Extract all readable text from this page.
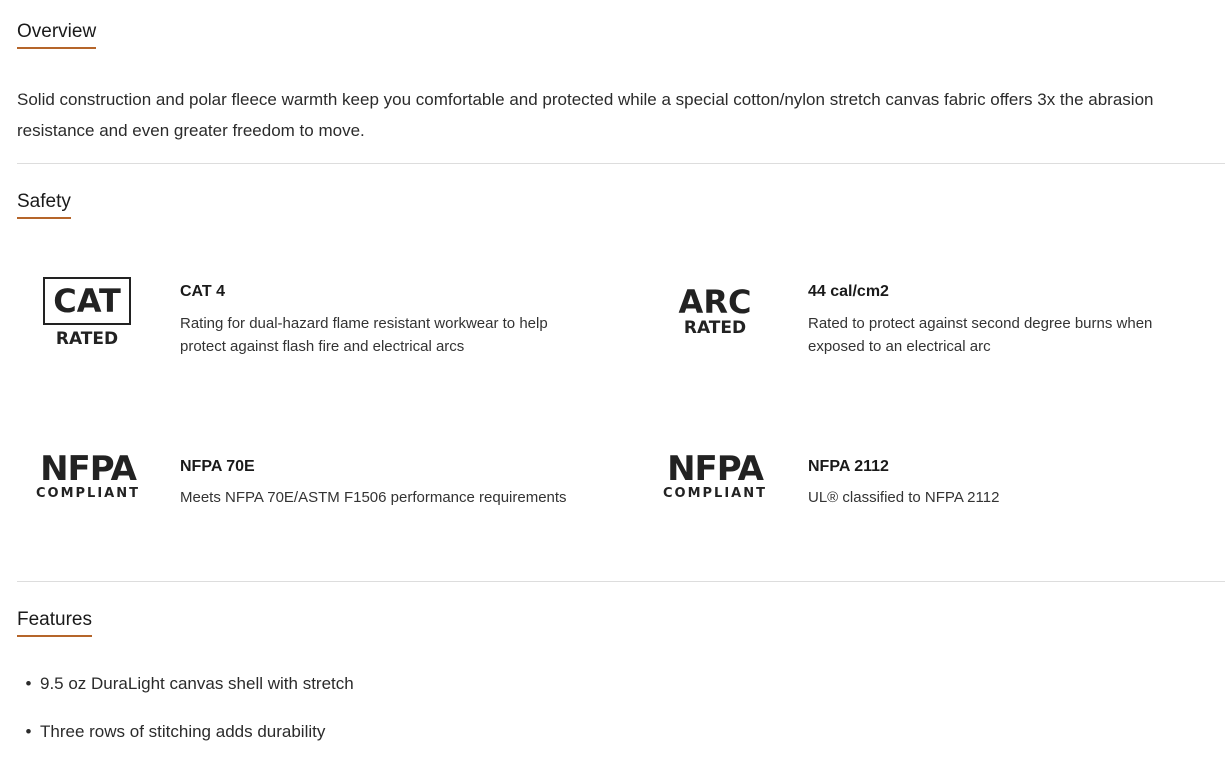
Overview

Solid construction and polar fleece warmth keep you comfortable and protected while a special cotton/nylon stretch canvas fabric offers 3x the abrasion resistance and even greater freedom to move.

Safety
CAT
RATED
CAT 4
Rating for dual-hazard flame resistant workwear to help protect against flash fire and electrical arcs
ARC
RATED
44 cal/cm2
Rated to protect against second degree burns when exposed to an electrical arc
NFPA
COMPLIANT
NFPA 70E
Meets NFPA 70E/ASTM F1506 performance requirements
NFPA
COMPLIANT
NFPA 2112
UL® classified to NFPA 2112
Features
• 9.5 oz DuraLight canvas shell with stretch
• Three rows of stitching adds durability
